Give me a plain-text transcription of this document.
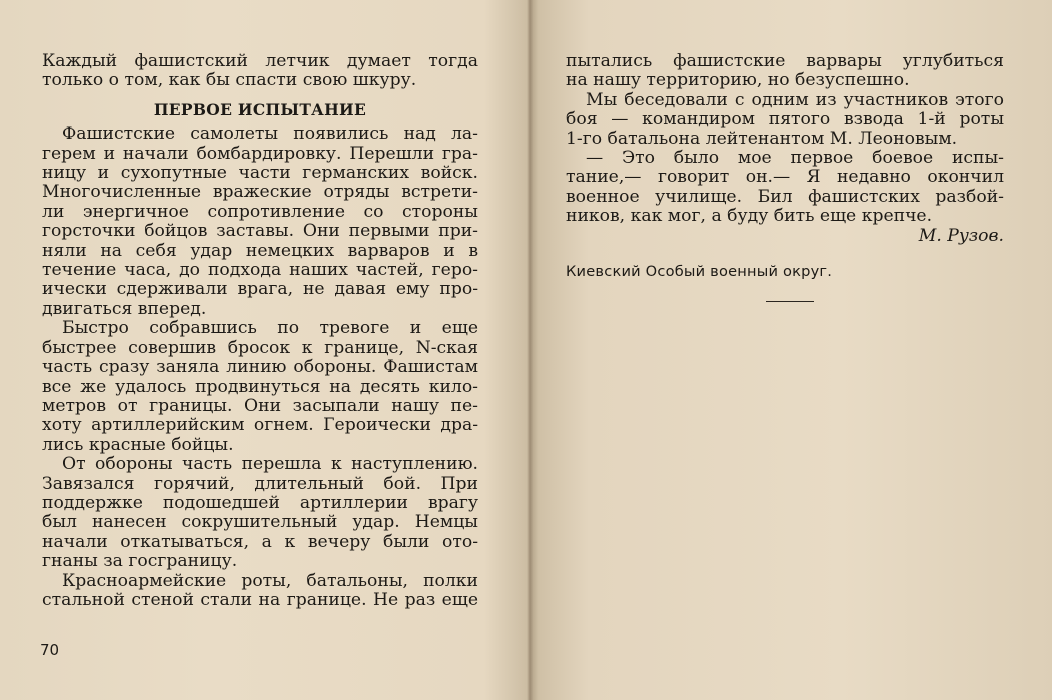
Каждый фашистский летчик думает тогда
только о том, как бы спасти свою шкуру.
ПЕРВОЕ ИСПЫТАНИЕ
Фашистские самолеты появились над ла-
герем и начали бомбардировку. Перешли гра-
ницу и сухопутные части германских войск.
Многочисленные вражеские отряды встрети-
ли энергичное сопротивление со стороны
горсточки бойцов заставы. Они первыми при-
няли на себя удар немецких варваров и в
течение часа, до подхода наших частей, геро-
ически сдерживали врага, не давая ему про-
двигаться вперед.
Быстро собравшись по тревоге и еще
быстрее совершив бросок к границе, N-ская
часть сразу заняла линию обороны. Фашистам
все же удалось продвинуться на десять кило-
метров от границы. Они засыпали нашу пе-
хоту артиллерийским огнем. Героически дра-
лись красные бойцы.
От обороны часть перешла к наступлению.
Завязался горячий, длительный бой. При
поддержке подошедшей артиллерии врагу
был нанесен сокрушительный удар. Немцы
начали откатываться, а к вечеру были ото-
гнаны за госграницу.
Красноармейские роты, батальоны, полки
стальной стеной стали на границе. Не раз еще
70
пытались фашистские варвары углубиться
на нашу территорию, но безуспешно.
Мы беседовали с одним из участников этого
боя — командиром пятого взвода 1-й роты
1-го батальона лейтенантом М. Леоновым.
— Это было мое первое боевое испы-
тание,— говорит он.— Я недавно окончил
военное училище. Бил фашистских разбой-
ников, как мог, а буду бить еще крепче.
М. Рузов.
Киевский Особый военный округ.
